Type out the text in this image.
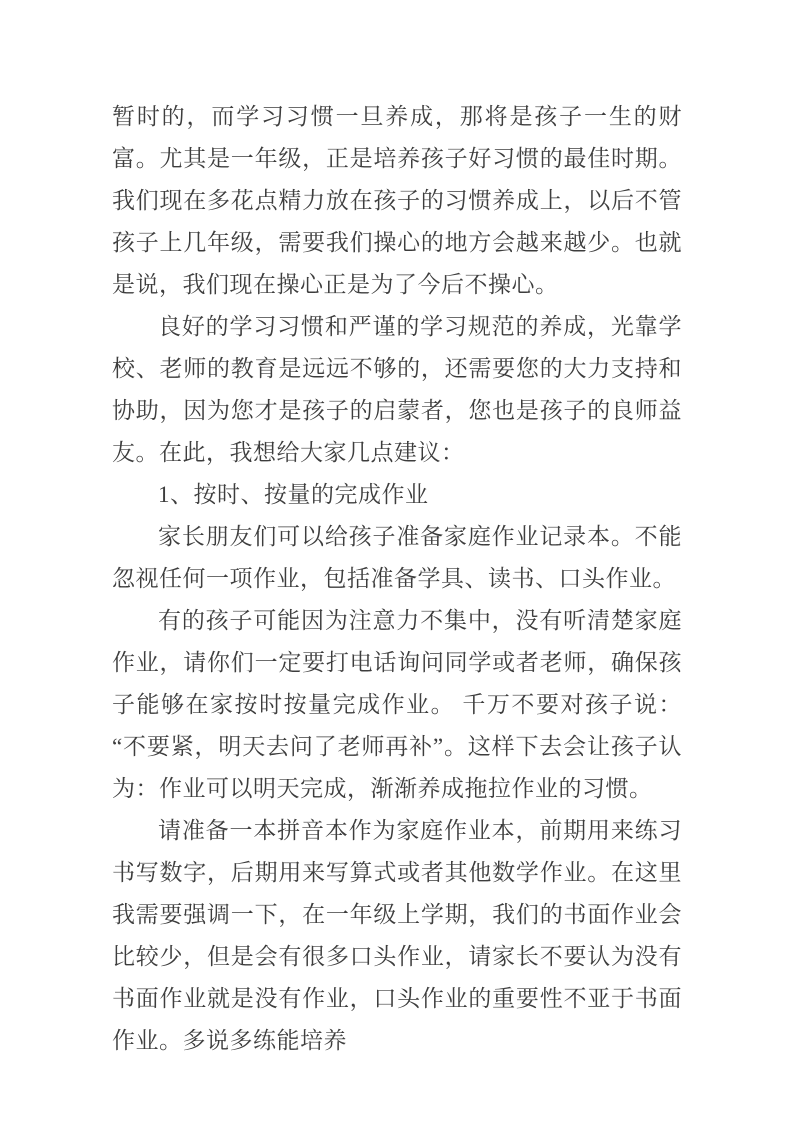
暂时的，而学习习惯一旦养成，那将是孩子一生的财富。尤其是一年级，正是培养孩子好习惯的最佳时期。我们现在多花点精力放在孩子的习惯养成上，以后不管孩子上几年级，需要我们操心的地方会越来越少。也就是说，我们现在操心正是为了今后不操心。

良好的学习习惯和严谨的学习规范的养成，光靠学校、老师的教育是远远不够的，还需要您的大力支持和协助，因为您才是孩子的启蒙者，您也是孩子的良师益友。在此，我想给大家几点建议：

1、按时、按量的完成作业

家长朋友们可以给孩子准备家庭作业记录本。不能忽视任何一项作业，包括准备学具、读书、口头作业。

有的孩子可能因为注意力不集中，没有听清楚家庭作业，请你们一定要打电话询问同学或者老师，确保孩子能够在家按时按量完成作业。 千万不要对孩子说：“不要紧，明天去问了老师再补”。这样下去会让孩子认为：作业可以明天完成，渐渐养成拖拉作业的习惯。

请准备一本拼音本作为家庭作业本，前期用来练习书写数字，后期用来写算式或者其他数学作业。在这里我需要强调一下，在一年级上学期，我们的书面作业会比较少，但是会有很多口头作业，请家长不要认为没有书面作业就是没有作业，口头作业的重要性不亚于书面作业。多说多练能培养
